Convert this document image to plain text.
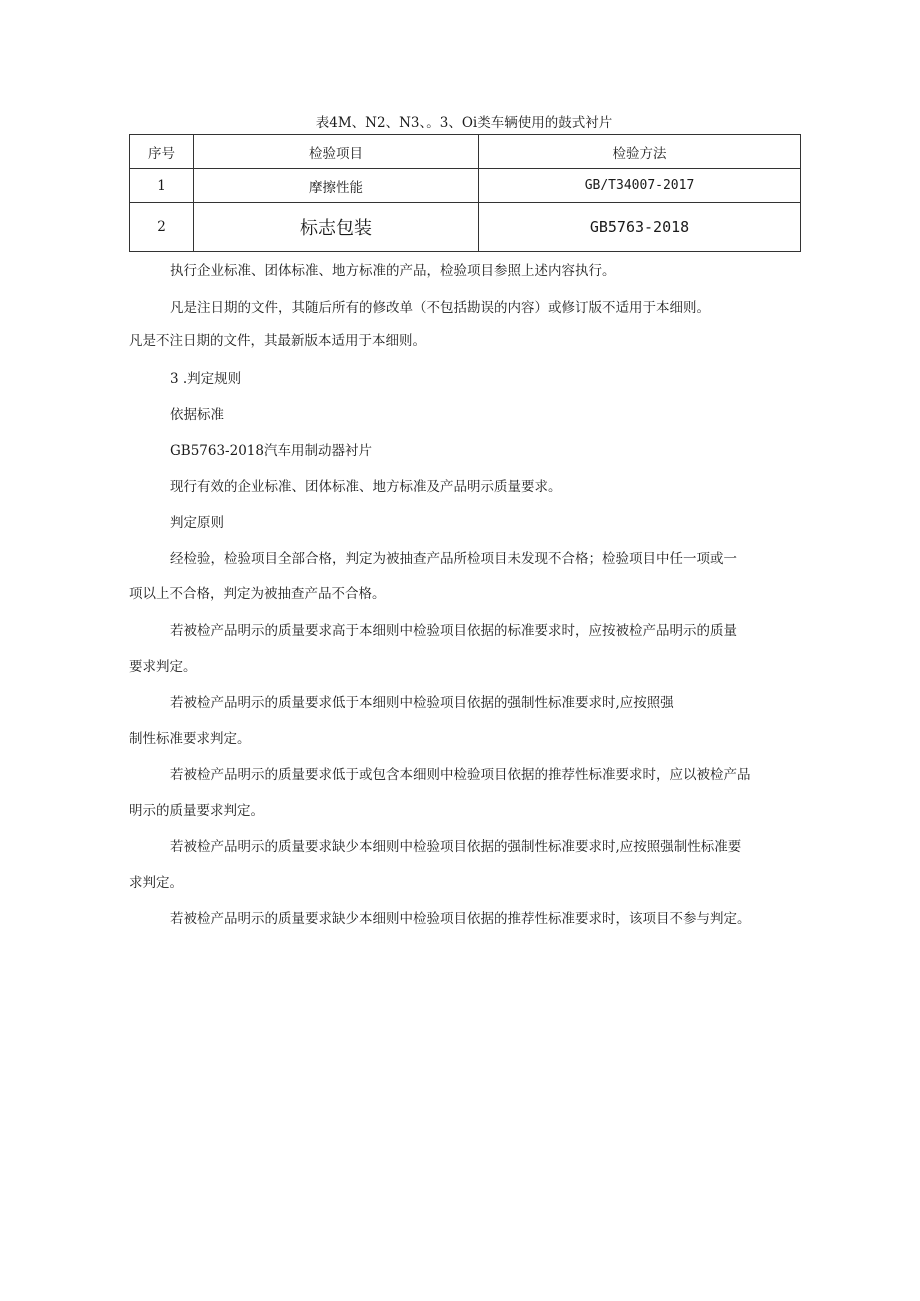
表4M、N2、N3、。3、Oi类车辆使用的鼓式衬片
序号	检验项目	检验方法
1	摩擦性能	GB/T34007-2017
2	标志包装	GB5763-2018
执行企业标准、团体标准、地方标准的产品，检验项目参照上述内容执行。
凡是注日期的文件，其随后所有的修改单（不包括勘误的内容）或修订版不适用于本细则。
凡是不注日期的文件，其最新版本适用于本细则。
3 .判定规则
依据标准
GB5763-2018汽车用制动器衬片
现行有效的企业标准、团体标准、地方标准及产品明示质量要求。
判定原则
经检验，检验项目全部合格，判定为被抽查产品所检项目未发现不合格；检验项目中任一项或一
项以上不合格，判定为被抽查产品不合格。
若被检产品明示的质量要求高于本细则中检验项目依据的标准要求时，应按被检产品明示的质量
要求判定。
若被检产品明示的质量要求低于本细则中检验项目依据的强制性标准要求时,应按照强
制性标准要求判定。
若被检产品明示的质量要求低于或包含本细则中检验项目依据的推荐性标准要求时，应以被检产品
明示的质量要求判定。
若被检产品明示的质量要求缺少本细则中检验项目依据的强制性标准要求时,应按照强制性标准要
求判定。
若被检产品明示的质量要求缺少本细则中检验项目依据的推荐性标准要求时，该项目不参与判定。
